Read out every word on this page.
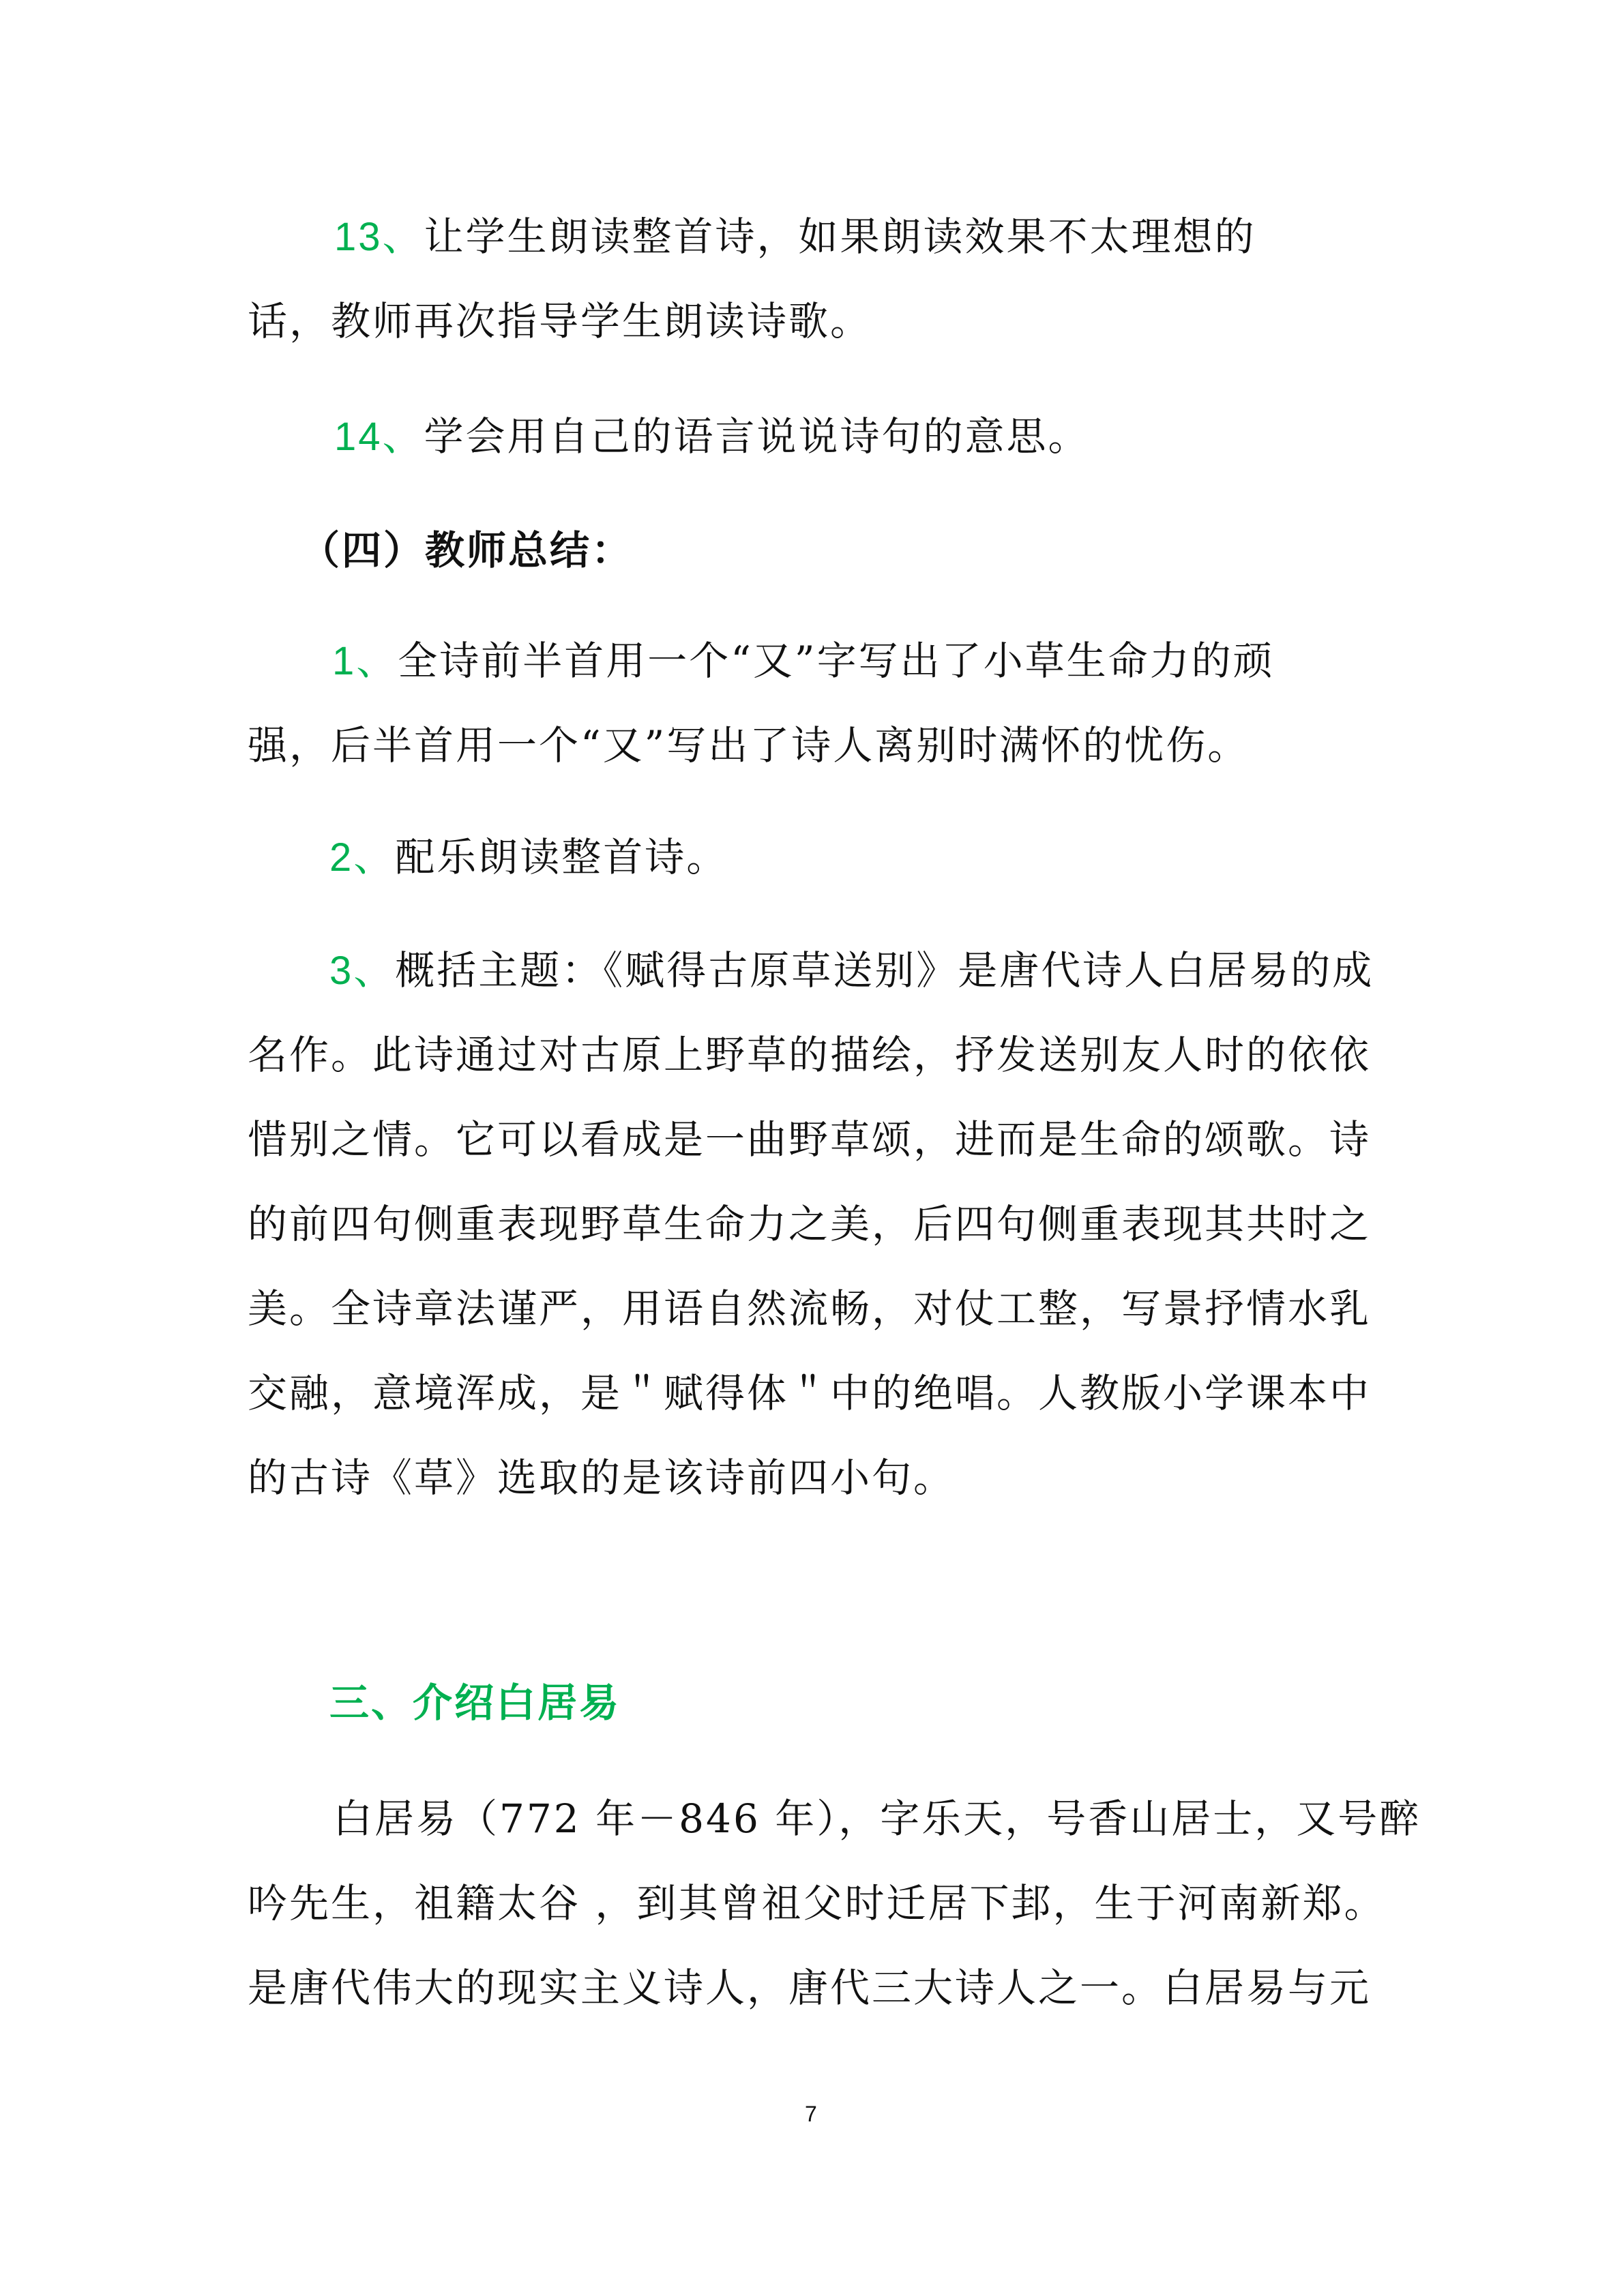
13、让学生朗读整首诗，如果朗读效果不太理想的
话，教师再次指导学生朗读诗歌。
14、学会用自己的语言说说诗句的意思。
（四）教师总结：
1、全诗前半首用一个“又”字写出了小草生命力的顽
强，后半首用一个“又”写出了诗人离别时满怀的忧伤。
2、配乐朗读整首诗。
3、概括主题：《赋得古原草送别》是唐代诗人白居易的成
名作。此诗通过对古原上野草的描绘，抒发送别友人时的依依
惜别之情。它可以看成是一曲野草颂，进而是生命的颂歌。诗
的前四句侧重表现野草生命力之美，后四句侧重表现其共时之
美。全诗章法谨严，用语自然流畅，对仗工整，写景抒情水乳
交融，意境浑成，是＂赋得体＂中的绝唱。人教版小学课本中
的古诗《草》选取的是该诗前四小句。
三、介绍白居易
白居易（772 年－846 年），字乐天，号香山居士，又号醉
吟先生，祖籍太谷 ，到其曾祖父时迁居下邽，生于河南新郑。
是唐代伟大的现实主义诗人，唐代三大诗人之一。白居易与元
7
